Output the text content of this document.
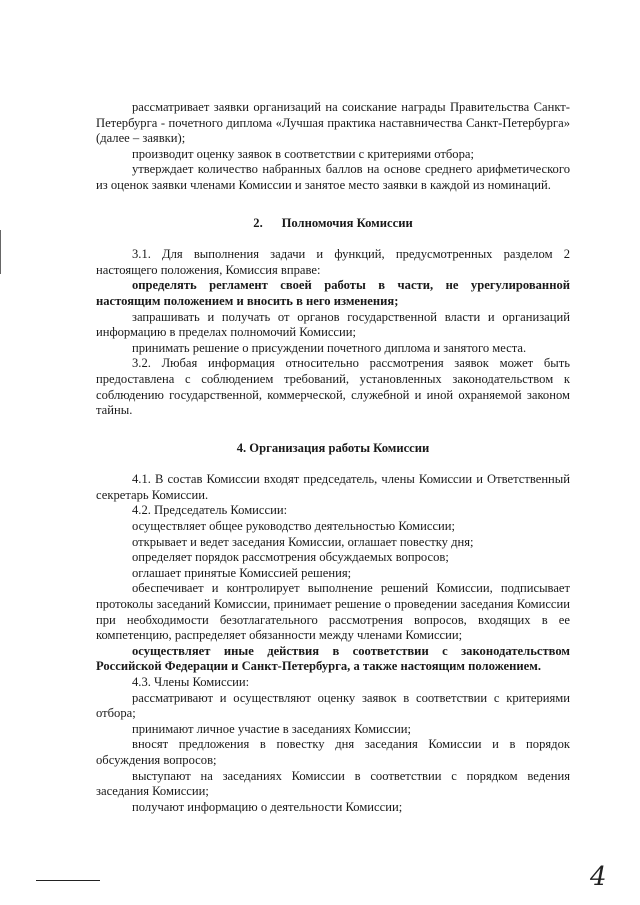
рассматривает заявки организаций на соискание награды Правительства Санкт-Петербурга - почетного диплома «Лучшая практика наставничества Санкт-Петербурга» (далее – заявки);

производит оценку заявок в соответствии с критериями отбора;

утверждает количество набранных баллов на основе среднего арифметического из оценок заявки членами Комиссии и занятое место заявки в каждой из номинаций.

2.      Полномочия Комиссии

3.1. Для выполнения задачи и функций, предусмотренных разделом 2 настоящего положения, Комиссия вправе:

определять регламент своей работы в части, не урегулированной настоящим положением и вносить в него изменения;

запрашивать и получать от органов государственной власти и организаций информацию в пределах полномочий Комиссии;

принимать решение о присуждении почетного диплома и занятого места.

3.2. Любая информация относительно рассмотрения заявок может быть предоставлена с соблюдением требований, установленных законодательством к соблюдению государственной, коммерческой, служебной и иной охраняемой законом тайны.

4. Организация работы Комиссии

4.1. В состав Комиссии входят председатель, члены Комиссии и Ответственный секретарь Комиссии.

4.2. Председатель Комиссии:

осуществляет общее руководство деятельностью Комиссии;

открывает и ведет заседания Комиссии, оглашает повестку дня;

определяет порядок рассмотрения обсуждаемых вопросов;

оглашает принятые Комиссией решения;

обеспечивает и контролирует выполнение решений Комиссии, подписывает протоколы заседаний Комиссии, принимает решение о проведении заседания Комиссии при необходимости безотлагательного рассмотрения вопросов, входящих в ее компетенцию, распределяет обязанности между членами Комиссии;

осуществляет иные действия в соответствии с законодательством Российской Федерации и Санкт-Петербурга, а также настоящим положением.

4.3. Члены Комиссии:

рассматривают и осуществляют оценку заявок в соответствии с критериями отбора;

принимают личное участие в заседаниях Комиссии;

вносят предложения в повестку дня заседания Комиссии и в порядок обсуждения вопросов;

выступают на заседаниях Комиссии в соответствии с порядком ведения заседания Комиссии;

получают информацию о деятельности Комиссии;

4
